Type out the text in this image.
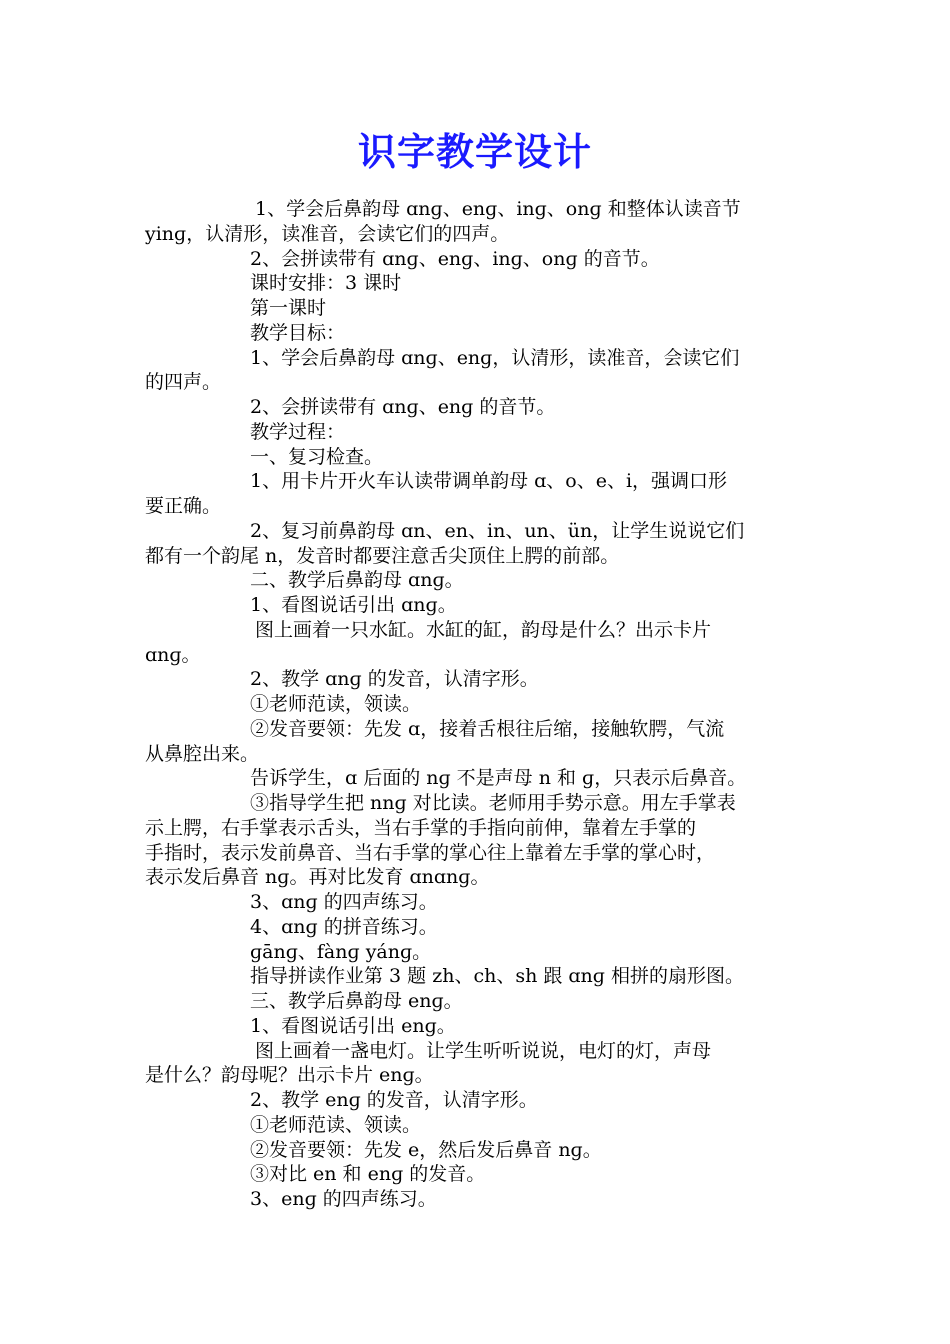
识字教学设计
1、学会后鼻韵母 ɑnɡ、enɡ、inɡ、onɡ 和整体认读音节
yinɡ，认清形，读准音，会读它们的四声。
2、会拼读带有 ɑnɡ、enɡ、inɡ、onɡ 的音节。
课时安排：3 课时
第一课时
教学目标：
1、学会后鼻韵母 ɑnɡ、enɡ，认清形，读准音，会读它们
的四声。
2、会拼读带有 ɑnɡ、enɡ 的音节。
教学过程：
一、复习检查。
1、用卡片开火车认读带调单韵母 ɑ、o、e、i，强调口形
要正确。
2、复习前鼻韵母 ɑn、en、in、un、ün，让学生说说它们
都有一个韵尾 n，发音时都要注意舌尖顶住上腭的前部。
二、教学后鼻韵母 ɑnɡ。
1、看图说话引出 ɑnɡ。
图上画着一只水缸。水缸的缸，韵母是什么？出示卡片
ɑnɡ。
2、教学 ɑnɡ 的发音，认清字形。
①老师范读，领读。
②发音要领：先发 ɑ，接着舌根往后缩，接触软腭，气流
从鼻腔出来。
告诉学生，ɑ 后面的 nɡ 不是声母 n 和 ɡ，只表示后鼻音。
③指导学生把 nnɡ 对比读。老师用手势示意。用左手掌表
示上腭，右手掌表示舌头，当右手掌的手指向前伸，靠着左手掌的
手指时，表示发前鼻音、当右手掌的掌心往上靠着左手掌的掌心时，
表示发后鼻音 nɡ。再对比发育 ɑnɑnɡ。
3、ɑnɡ 的四声练习。
4、ɑnɡ 的拼音练习。
ɡānɡ、fànɡ yánɡ。
指导拼读作业第 3 题 zh、ch、sh 跟 ɑnɡ 相拼的扇形图。
三、教学后鼻韵母 enɡ。
1、看图说话引出 enɡ。
图上画着一盏电灯。让学生听听说说，电灯的灯，声母
是什么？韵母呢？出示卡片 enɡ。
2、教学 enɡ 的发音，认清字形。
①老师范读、领读。
②发音要领：先发 e，然后发后鼻音 nɡ。
③对比 en 和 enɡ 的发音。
3、enɡ 的四声练习。
